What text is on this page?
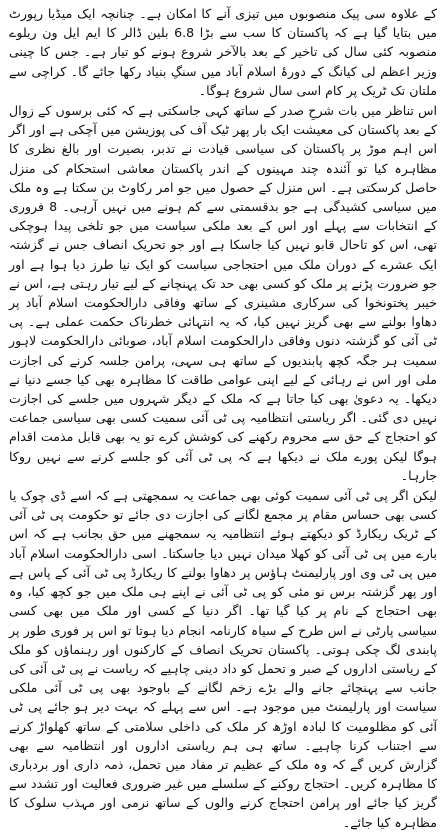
کے علاوہ سی پیک منصوبوں میں تیزی آنے کا امکان ہے۔ چنانچہ ایک میڈیا رپورٹ میں بتایا گیا ہے کہ پاکستان کا سب سے بڑا 6.8 بلین ڈالر کا ایم ایل ون ریلوے منصوبہ کئی سال کی تاخیر کے بعد بالآخر شروع ہونے کو تیار ہے۔ جس کا چینی وزیر اعظم لی کیانگ کے دورۂ اسلام آباد میں سنگِ بنیاد رکھا جائے گا۔ کراچی سے ملتان تک ٹریک پر کام اسی سال شروع ہوگا۔

اس تناظر میں بات شرحِ صدر کے ساتھ کہی جاسکتی ہے کہ کئی برسوں کے زوال کے بعد پاکستان کی معیشت ایک بار پھر ٹیک آف کی پوزیشن میں آچکی ہے اور اگر اس اہم موڑ پر پاکستان کی سیاسی قیادت نے تدبر، بصیرت اور بالغ نظری کا مظاہرہ کیا تو آئندہ چند مہینوں کے اندر پاکستان معاشی استحکام کی منزل حاصل کرسکتی ہے۔ اس منزل کے حصول میں جو امر رکاوٹ بن سکتا ہے وہ ملک میں سیاسی کشیدگی ہے جو بدقسمتی سے کم ہونے میں نہیں آرہی۔ 8 فروری کے انتخابات سے پہلے اور اس کے بعد ملکی سیاست میں جو تلخی پیدا ہوچکی تھی، اس کو تاحال قابو نہیں کیا جاسکا ہے اور جو تحریک انصاف جس نے گزشتہ ایک عشرے کے دوران ملک میں احتجاجی سیاست کو ایک نیا طرز دیا ہوا ہے اور جو ضرورت پڑنے پر ملک کو کسی بھی حد تک پہنچانے کے لیے تیار رہتی ہے، اس نے خیبر پختونخوا کی سرکاری مشینری کے ساتھ وفاقی دارالحکومت اسلام آباد پر دھاوا بولنے سے بھی گریز نہیں کیا، کہ یہ انتہائی خطرناک حکمت عملی ہے۔ پی ٹی آئی کو گزشتہ دنوں وفاقی دارالحکومت اسلام آباد، صوبائی دارالحکومت لاہور سمیت ہر جگہ کچھ پابندیوں کے ساتھ ہی سہی، پرامن جلسہ کرنے کی اجازت ملی اور اس نے رہائی کے لیے اپنی عوامی طاقت کا مظاہرہ بھی کیا جسے دنیا نے دیکھا۔ یہ دعویٰ بھی کیا جاتا ہے کہ ملک کے دیگر شہروں میں جلسے کی اجازت نہیں دی گئی۔ اگر ریاستی انتظامیہ پی ٹی آئی سمیت کسی بھی سیاسی جماعت کو احتجاج کے حق سے محروم رکھنے کی کوشش کرے تو یہ بھی قابل مذمت اقدام ہوگا لیکن پورے ملک نے دیکھا ہے کہ پی ٹی آئی کو جلسے کرنے سے نہیں روکا جارہا۔

لیکن اگر پی ٹی آئی سمیت کوئی بھی جماعت یہ سمجھتی ہے کہ اسے ڈی چوک یا کسی بھی حساس مقام پر مجمع لگانے کی اجازت دی جائے تو حکومت پی ٹی آئی کے ٹریک ریکارڈ کو دیکھتے ہوئے انتظامیہ یہ سمجھنے میں حق بجانب ہے کہ اس بارے میں پی ٹی آئی کو کھلا میدان نہیں دیا جاسکتا۔ اسی دارالحکومت اسلام آباد میں پی ٹی وی اور پارلیمنٹ ہاؤس پر دھاوا بولنے کا ریکارڈ پی ٹی آئی کے پاس ہے اور پھر گزشتہ برس نو مئی کو پی ٹی آئی نے اپنے ہی ملک میں جو کچھ کیا، وہ بھی احتجاج کے نام پر کیا گیا تھا۔ اگر دنیا کے کسی اور ملک میں بھی کسی سیاسی پارٹی نے اس طرح کے سیاہ کارنامہ انجام دیا ہوتا تو اس پر فوری طور پر پابندی لگ چکی ہوتی۔ پاکستان تحریک انصاف کے کارکنوں اور رہنماؤں کو ملک کے ریاستی اداروں کے صبر و تحمل کو داد دینی چاہیے کہ ریاست نے پی ٹی آئی کی جانب سے پہنچائے جانے والے بڑے زخم لگانے کے باوجود بھی پی ٹی آئی ملکی سیاست اور پارلیمنٹ میں موجود ہے۔ اس سے پہلے کہ بہت دیر ہو جائے پی ٹی آئی کو مظلومیت کا لبادہ اوڑھ کر ملک کی داخلی سلامتی کے ساتھ کھلواڑ کرنے سے اجتناب کرنا چاہیے۔ ساتھ ہی ہم ریاستی اداروں اور انتظامیہ سے بھی گزارش کریں گے کہ وہ ملک کے عظیم تر مفاد میں تحمل، ذمہ داری اور بردباری کا مظاہرہ کریں۔ احتجاج روکنے کے سلسلے میں غیر ضروری فعالیت اور تشدد سے گریز کیا جائے اور پرامن احتجاج کرنے والوں کے ساتھ نرمی اور مہذب سلوک کا مظاہرہ کیا جائے۔
